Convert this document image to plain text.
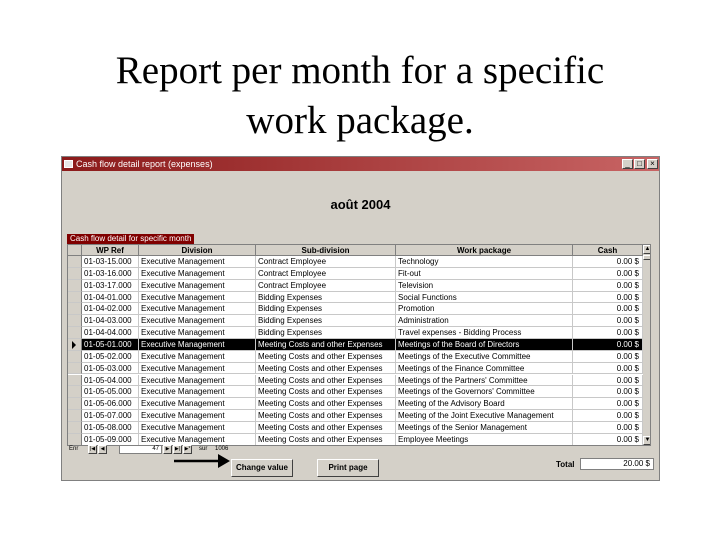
Report per month for a specific
work package.
Cash flow detail report (expenses)	_ □	×
août 2004
Cash flow detail for specific month
WP Ref	Division	Sub-division	Work package	Cash
01-03-15.000	Executive Management	Contract Employee	Technology	0.00 $
01-03-16.000	Executive Management	Contract Employee	Fit-out	0.00 $
01-03-17.000	Executive Management	Contract Employee	Television	0.00 $
01-04-01.000	Executive Management	Bidding Expenses	Social Functions	0.00 $
01-04-02.000	Executive Management	Bidding Expenses	Promotion	0.00 $
01-04-03.000	Executive Management	Bidding Expenses	Administration	0.00 $
01-04-04.000	Executive Management	Bidding Expenses	Travel expenses - Bidding Process	0.00 $
01-05-01.000	Executive Management	Meeting Costs and other Expenses	Meetings of the Board of Directors	0.00 $
01-05-02.000	Executive Management	Meeting Costs and other Expenses	Meetings of the Executive Committee	0.00 $
01-05-03.000	Executive Management	Meeting Costs and other Expenses	Meetings of the Finance Committee	0.00 $
01-05-04.000	Executive Management	Meeting Costs and other Expenses	Meetings of the Partners' Committee	0.00 $
01-05-05.000	Executive Management	Meeting Costs and other Expenses	Meetings of the Governors' Committee	0.00 $
01-05-06.000	Executive Management	Meeting Costs and other Expenses	Meeting of the Advisory Board	0.00 $
01-05-07.000	Executive Management	Meeting Costs and other Expenses	Meeting of the Joint Executive Management	0.00 $
01-05-08.000	Executive Management	Meeting Costs and other Expenses	Meetings of the Senior Management	0.00 $
01-05-09.000	Executive Management	Meeting Costs and other Expenses	Employee Meetings	0.00 $
▲
▼
Enr	|◀	◀	47	▶	▶| ▶* sur 1006
Change value	Print page	Total	20.00 $
